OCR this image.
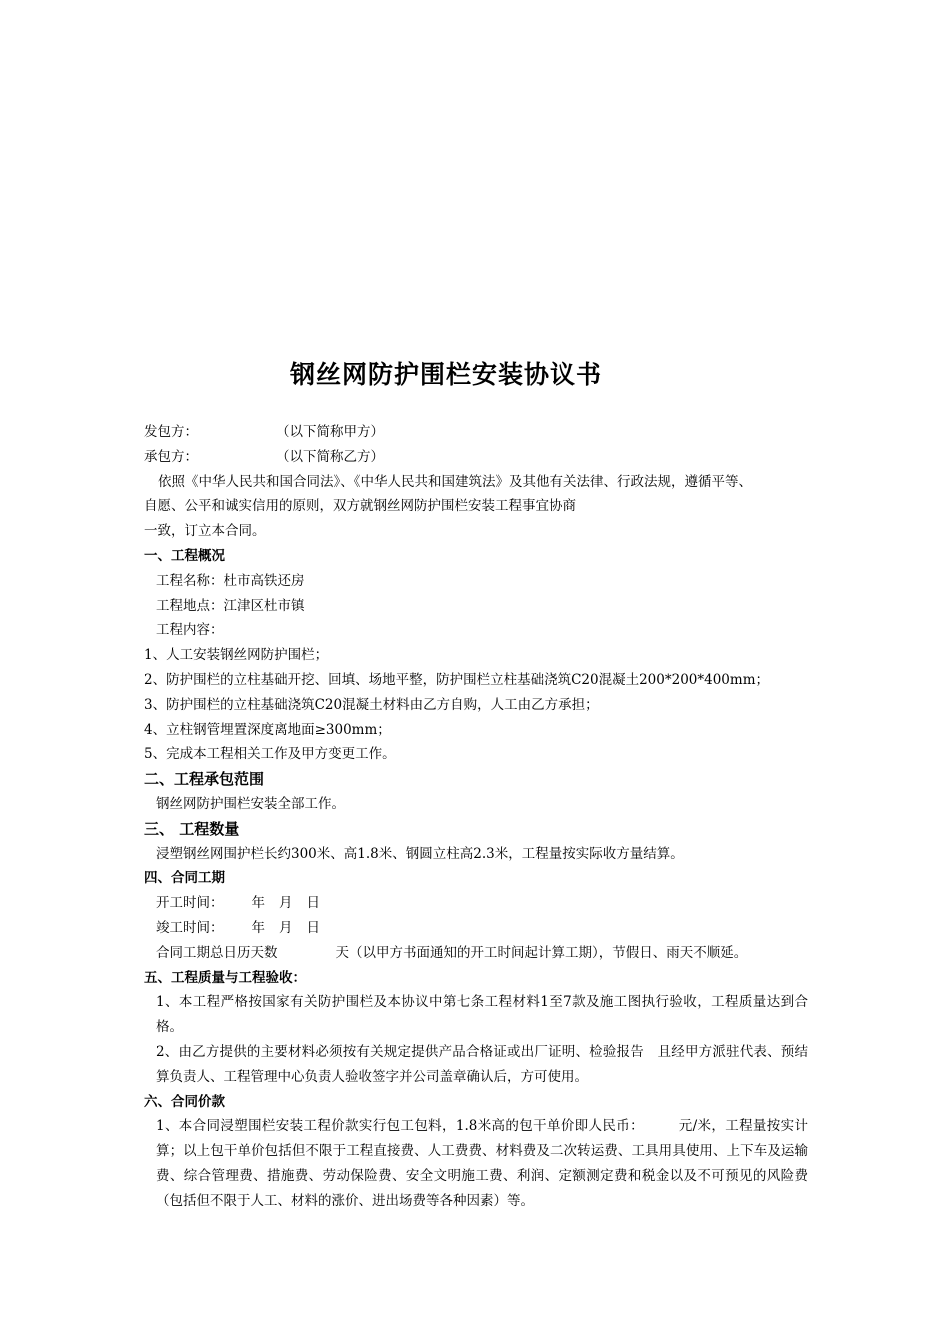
钢丝网防护围栏安装协议书
发包方：	（以下简称甲方）
承包方：	（以下简称乙方）
依照《中华人民共和国合同法》、《中华人民共和国建筑法》及其他有关法律、行政法规，遵循平等、
自愿、公平和诚实信用的原则，双方就钢丝网防护围栏安装工程事宜协商
一致，订立本合同。
一、工程概况
工程名称：杜市高铁还房
工程地点：江津区杜市镇
工程内容：
1、人工安装钢丝网防护围栏；
2、防护围栏的立柱基础开挖、回填、场地平整，防护围栏立柱基础浇筑C20混凝土200*200*400mm；
3、防护围栏的立柱基础浇筑C20混凝土材料由乙方自购，人工由乙方承担；
4、立柱钢管埋置深度离地面≥300mm；
5、完成本工程相关工作及甲方变更工作。
二、工程承包范围
钢丝网防护围栏安装全部工作。
三、 工程数量
浸塑钢丝网围护栏长约300米、高1.8米、钢圆立柱高2.3米，工程量按实际收方量结算。
四、合同工期
开工时间： 年 月 日
竣工时间： 年 月 日
合同工期总日历天数	天（以甲方书面通知的开工时间起计算工期），节假日、雨天不顺延。
五、工程质量与工程验收：
1、本工程严格按国家有关防护围栏及本协议中第七条工程材料1至7款及施工图执行验收，工程质量达到合格。
2、由乙方提供的主要材料必须按有关规定提供产品合格证或出厂证明、检验报告　且经甲方派驻代表、预结算负责人、工程管理中心负责人验收签字并公司盖章确认后，方可使用。
六、合同价款
1、本合同浸塑围栏安装工程价款实行包工包料，1.8米高的包干单价即人民币：　　　元/米，工程量按实计算；以上包干单价包括但不限于工程直接费、人工费费、材料费及二次转运费、工具用具使用、上下车及运输费、综合管理费、措施费、劳动保险费、安全文明施工费、利润、定额测定费和税金以及不可预见的风险费（包括但不限于人工、材料的涨价、进出场费等各种因素）等。
